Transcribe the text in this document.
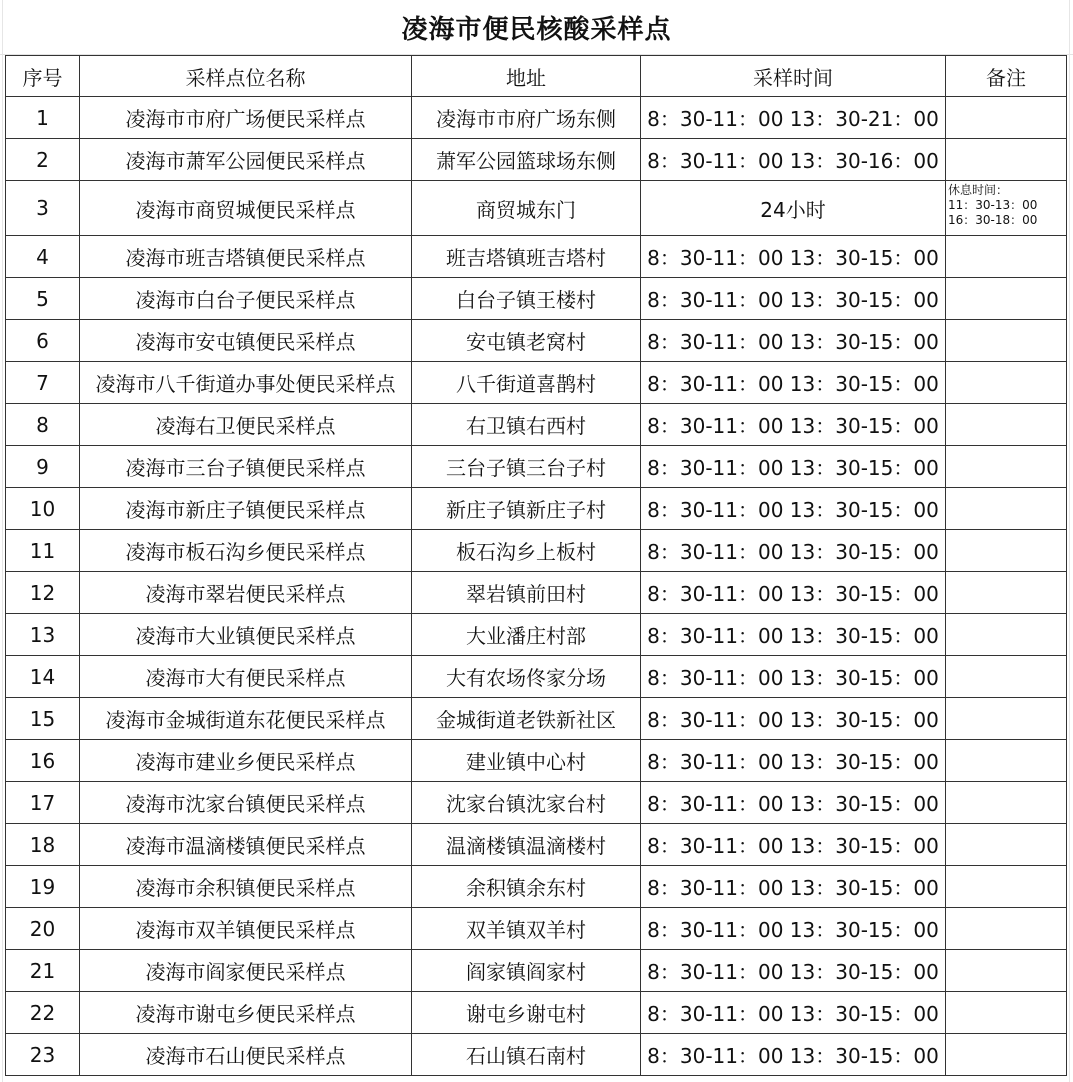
凌海市便民核酸采样点
序号	采样点位名称	地址	采样时间	备注
1	凌海市市府广场便民采样点	凌海市市府广场东侧	8：30-11：00 13：30-21：00	
2	凌海市萧军公园便民采样点	萧军公园篮球场东侧	8：30-11：00 13：30-16：00	
3	凌海市商贸城便民采样点	商贸城东门	24小时	休息时间：
11：30-13：00
16：30-18：00

4	凌海市班吉塔镇便民采样点	班吉塔镇班吉塔村	8：30-11：00 13：30-15：00	
5	凌海市白台子便民采样点	白台子镇王楼村	8：30-11：00 13：30-15：00	
6	凌海市安屯镇便民采样点	安屯镇老窝村	8：30-11：00 13：30-15：00	
7	凌海市八千街道办事处便民采样点	八千街道喜鹊村	8：30-11：00 13：30-15：00	
8	凌海右卫便民采样点	右卫镇右西村	8：30-11：00 13：30-15：00	
9	凌海市三台子镇便民采样点	三台子镇三台子村	8：30-11：00 13：30-15：00	
10	凌海市新庄子镇便民采样点	新庄子镇新庄子村	8：30-11：00 13：30-15：00	
11	凌海市板石沟乡便民采样点	板石沟乡上板村	8：30-11：00 13：30-15：00	
12	凌海市翠岩便民采样点	翠岩镇前田村	8：30-11：00 13：30-15：00	
13	凌海市大业镇便民采样点	大业潘庄村部	8：30-11：00 13：30-15：00	
14	凌海市大有便民采样点	大有农场佟家分场	8：30-11：00 13：30-15：00	
15	凌海市金城街道东花便民采样点	金城街道老铁新社区	8：30-11：00 13：30-15：00	
16	凌海市建业乡便民采样点	建业镇中心村	8：30-11：00 13：30-15：00	
17	凌海市沈家台镇便民采样点	沈家台镇沈家台村	8：30-11：00 13：30-15：00	
18	凌海市温滴楼镇便民采样点	温滴楼镇温滴楼村	8：30-11：00 13：30-15：00	
19	凌海市余积镇便民采样点	余积镇余东村	8：30-11：00 13：30-15：00	
20	凌海市双羊镇便民采样点	双羊镇双羊村	8：30-11：00 13：30-15：00	
21	凌海市阎家便民采样点	阎家镇阎家村	8：30-11：00 13：30-15：00	
22	凌海市谢屯乡便民采样点	谢屯乡谢屯村	8：30-11：00 13：30-15：00	
23	凌海市石山便民采样点	石山镇石南村	8：30-11：00 13：30-15：00	
